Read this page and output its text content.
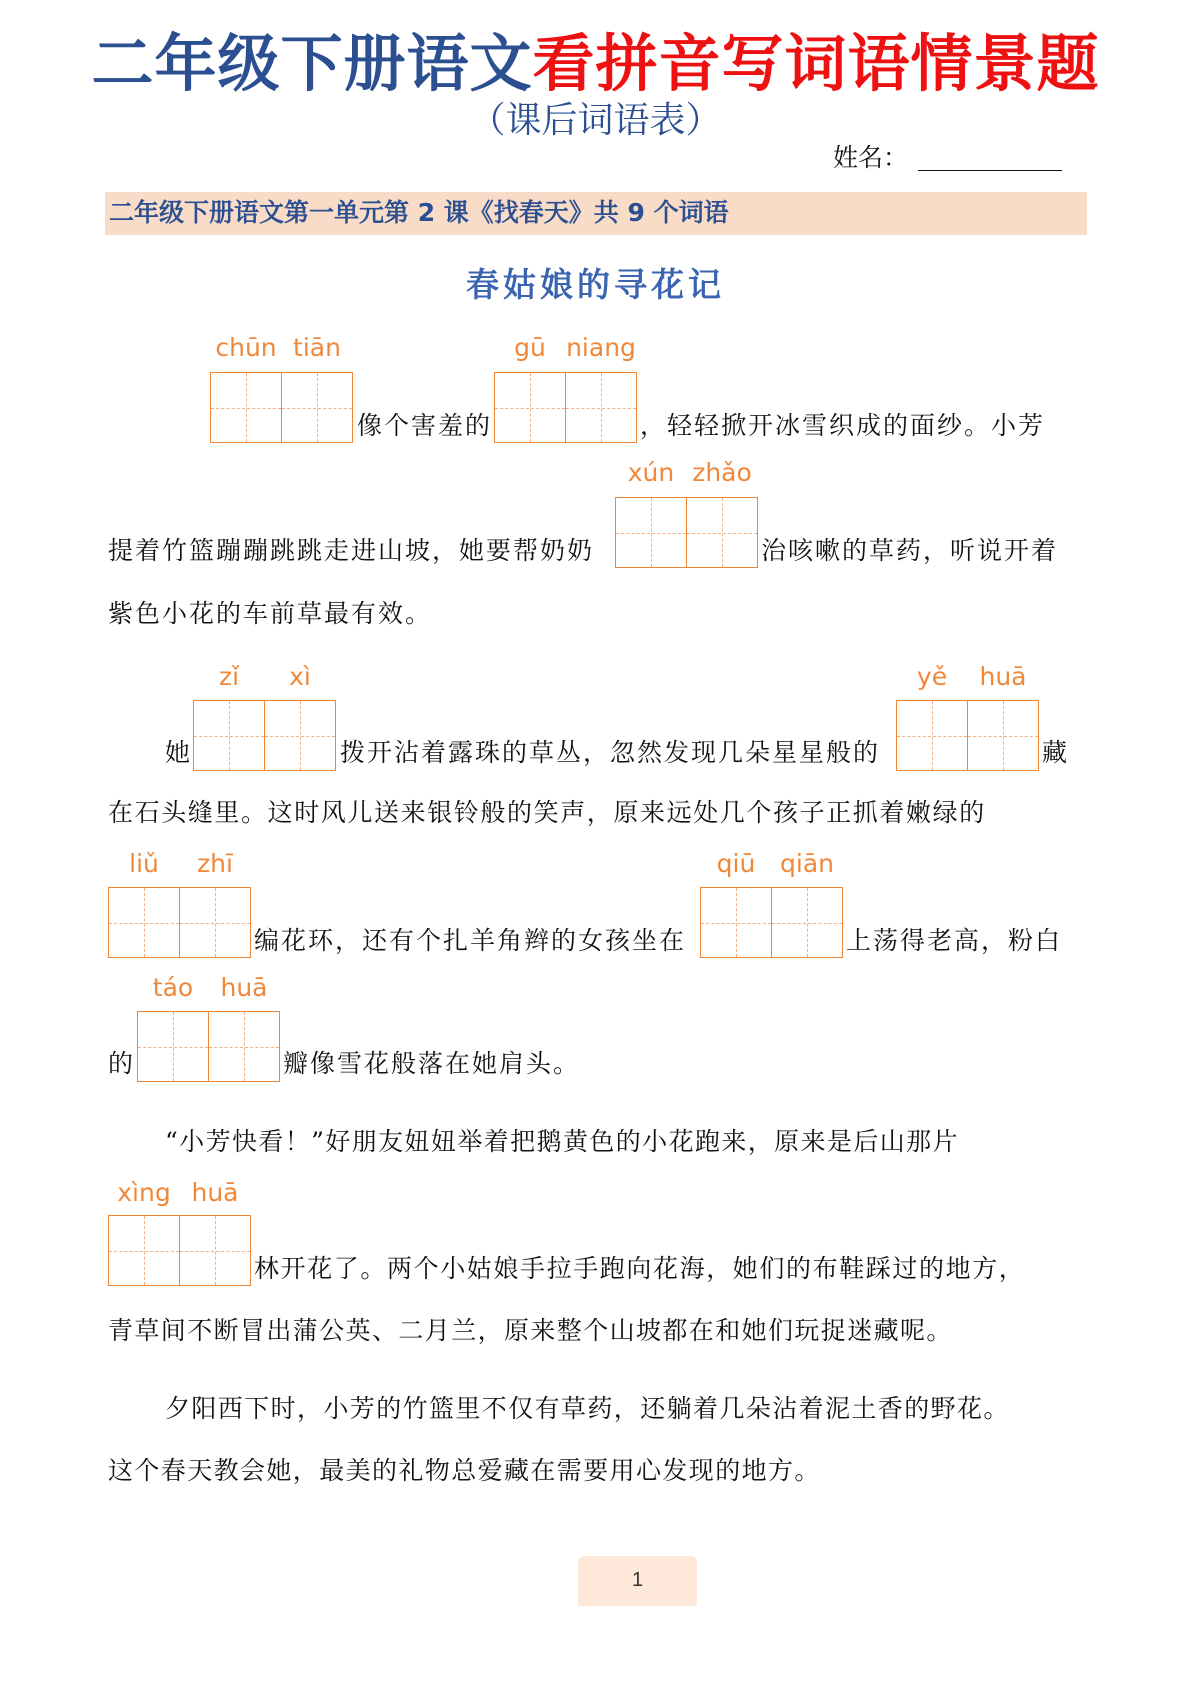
二年级下册语文看拼音写词语情景题
（课后词语表）
姓名：
二年级下册语文第一单元第 2 课《找春天》共 9 个词语
春姑娘的寻花记
chūn tiān
像个害羞的
gū niang
，轻轻掀开冰雪织成的面纱。小芳
xún zhǎo
提着竹篮蹦蹦跳跳走进山坡，她要帮奶奶	治咳嗽的草药，听说开着
紫色小花的车前草最有效。
zǐ xì
她	拨开沾着露珠的草丛，忽然发现几朵星星般的
yě huā
藏
在石头缝里。这时风儿送来银铃般的笑声，原来远处几个孩子正抓着嫩绿的
liǔ zhī
编花环，还有个扎羊角辫的女孩坐在
qiū qiān
上荡得老高，粉白
táo huā
的	瓣像雪花般落在她肩头。
“小芳快看！”好朋友妞妞举着把鹅黄色的小花跑来，原来是后山那片
xìng huā
林开花了。两个小姑娘手拉手跑向花海，她们的布鞋踩过的地方，
青草间不断冒出蒲公英、二月兰，原来整个山坡都在和她们玩捉迷藏呢。
夕阳西下时，小芳的竹篮里不仅有草药，还躺着几朵沾着泥土香的野花。
这个春天教会她，最美的礼物总爱藏在需要用心发现的地方。
1
